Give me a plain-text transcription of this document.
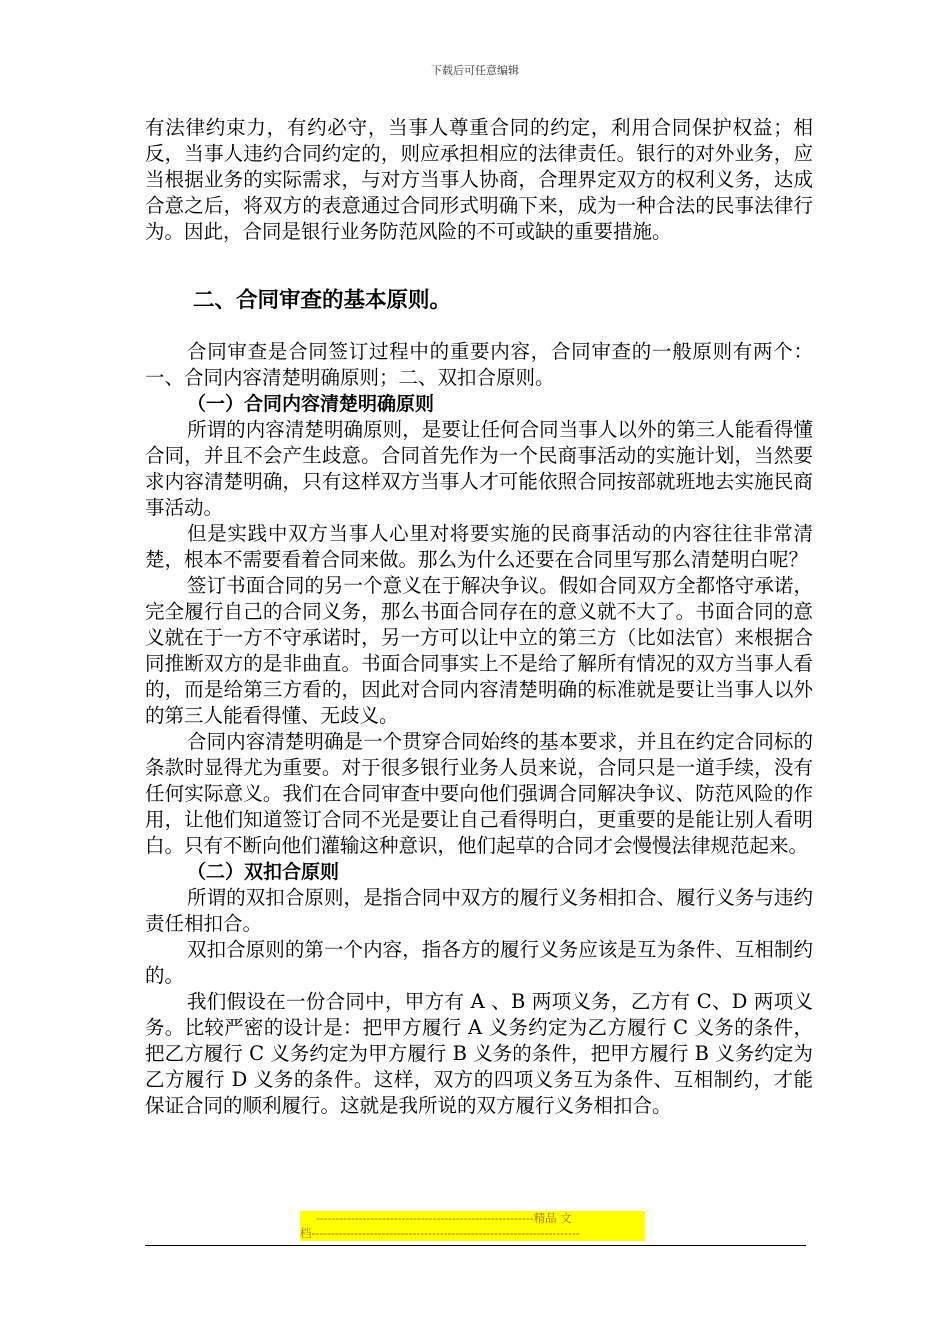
下载后可任意编辑

有法律约束力，有约必守，当事人尊重合同的约定，利用合同保护权益；相反，当事人违约合同约定的，则应承担相应的法律责任。银行的对外业务，应当根据业务的实际需求，与对方当事人协商，合理界定双方的权利义务，达成合意之后，将双方的表意通过合同形式明确下来，成为一种合法的民事法律行为。因此，合同是银行业务防范风险的不可或缺的重要措施。

二、合同审查的基本原则。

合同审查是合同签订过程中的重要内容，合同审查的一般原则有两个：一、合同内容清楚明确原则；二、双扣合原则。

（一）合同内容清楚明确原则

所谓的内容清楚明确原则，是要让任何合同当事人以外的第三人能看得懂合同，并且不会产生歧意。合同首先作为一个民商事活动的实施计划，当然要求内容清楚明确，只有这样双方当事人才可能依照合同按部就班地去实施民商事活动。

但是实践中双方当事人心里对将要实施的民商事活动的内容往往非常清楚，根本不需要看着合同来做。那么为什么还要在合同里写那么清楚明白呢？

签订书面合同的另一个意义在于解决争议。假如合同双方全都恪守承诺，完全履行自己的合同义务，那么书面合同存在的意义就不大了。书面合同的意义就在于一方不守承诺时，另一方可以让中立的第三方（比如法官）来根据合同推断双方的是非曲直。书面合同事实上不是给了解所有情况的双方当事人看的，而是给第三方看的，因此对合同内容清楚明确的标准就是要让当事人以外的第三人能看得懂、无歧义。

合同内容清楚明确是一个贯穿合同始终的基本要求，并且在约定合同标的条款时显得尤为重要。对于很多银行业务人员来说，合同只是一道手续，没有任何实际意义。我们在合同审查中要向他们强调合同解决争议、防范风险的作用，让他们知道签订合同不光是要让自己看得明白，更重要的是能让别人看明白。只有不断向他们灌输这种意识，他们起草的合同才会慢慢法律规范起来。

（二）双扣合原则

所谓的双扣合原则，是指合同中双方的履行义务相扣合、履行义务与违约责任相扣合。

双扣合原则的第一个内容，指各方的履行义务应该是互为条件、互相制约的。

我们假设在一份合同中，甲方有 A 、B 两项义务，乙方有 C、D 两项义务。比较严密的设计是：把甲方履行 A 义务约定为乙方履行 C 义务的条件，把乙方履行 C 义务约定为甲方履行 B 义务的条件，把甲方履行 B 义务约定为乙方履行 D 义务的条件。这样，双方的四项义务互为条件、互相制约，才能保证合同的顺利履行。这就是我所说的双方履行义务相扣合。

--------------------------------------------------------精品 文
档---------------------------------------------------------------------
